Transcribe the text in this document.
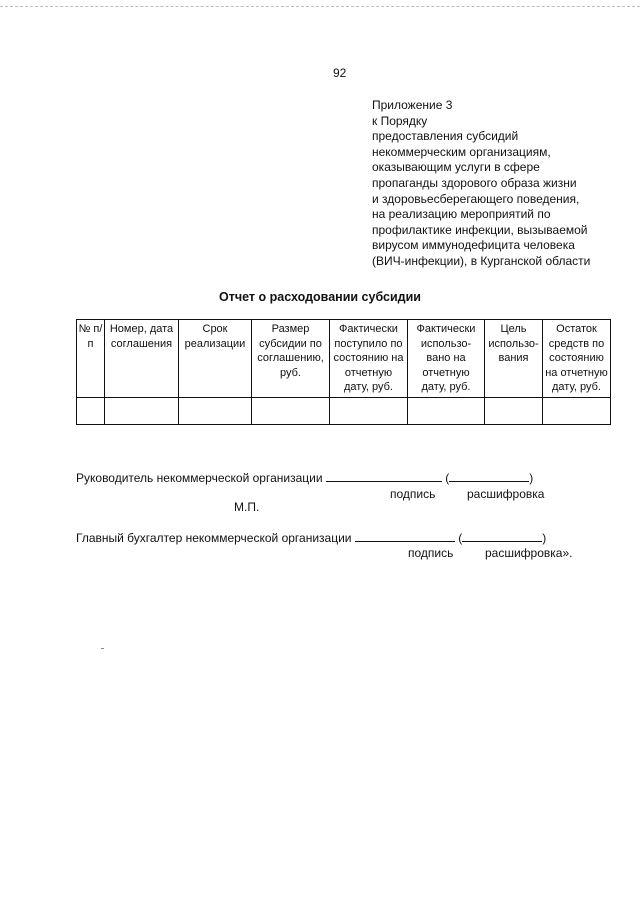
92
Приложение 3
к Порядку
предоставления субсидий
некоммерческим организациям,
оказывающим услуги в сфере
пропаганды здорового образа жизни
и здоровьесберегающего поведения,
на реализацию мероприятий по
профилактике инфекции, вызываемой
вирусом иммунодефицита человека
(ВИЧ-инфекции), в Курганской области
Отчет о расходовании субсидии
№ п/п	Номер, дата соглашения	Срок реализации	Размер субсидии по соглашению, руб.	Фактически поступило по состоянию на отчетную дату, руб.	Фактически использо-вано на отчетную дату, руб.	Цель использо-вания	Остаток средств по состоянию на отчетную дату, руб.

Руководитель некоммерческой организации	(	)
подпись	расшифровка
М.П.
Главный бухгалтер некоммерческой организации	(	)
подпись	расшифровка».
